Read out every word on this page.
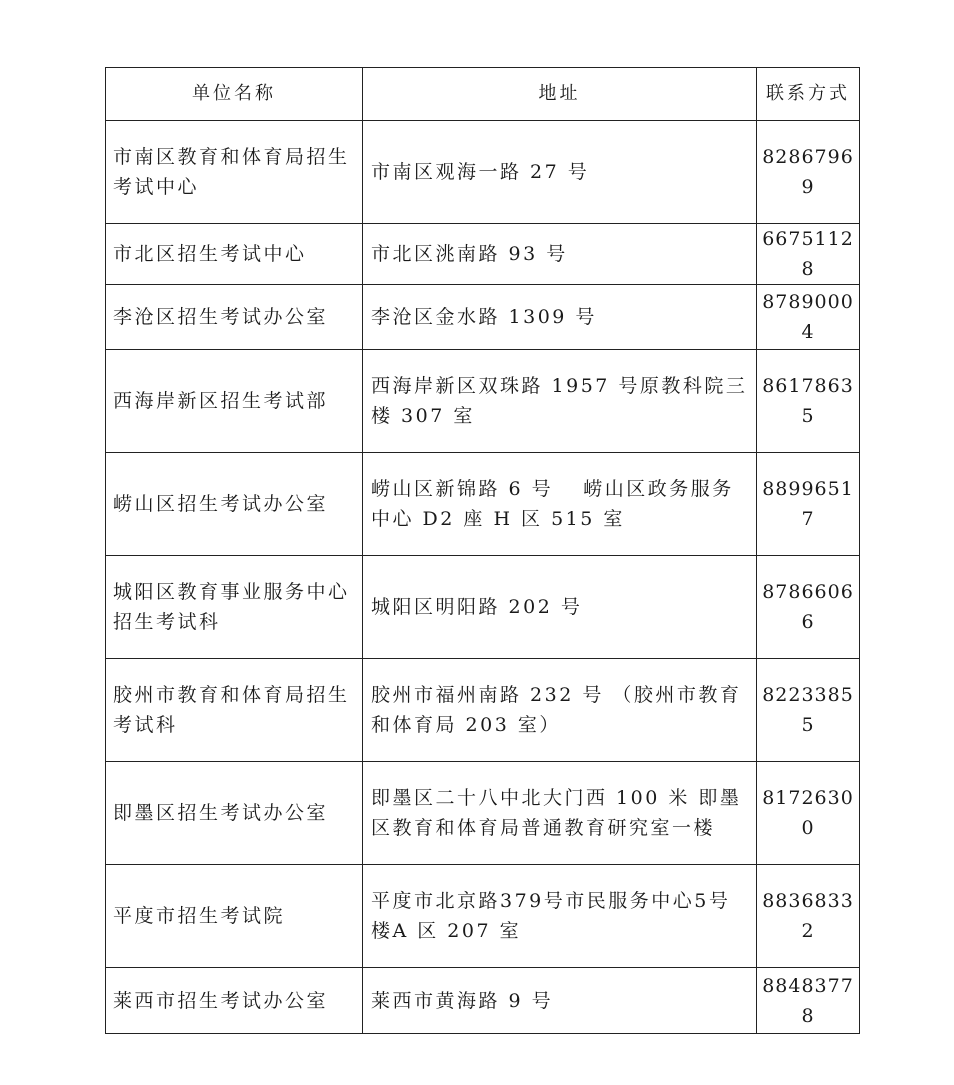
单位名称	地址	联系方式
市南区教育和体育局招生考试中心	市南区观海一路 27 号	82867969
市北区招生考试中心	市北区洮南路 93 号	66751128
李沧区招生考试办公室	李沧区金水路 1309 号	87890004
西海岸新区招生考试部	西海岸新区双珠路 1957 号原教科院三楼 307 室	86178635
崂山区招生考试办公室	崂山区新锦路 6 号　 崂山区政务服务中心 D2 座 H 区 515 室	88996517
城阳区教育事业服务中心招生考试科	城阳区明阳路 202 号	87866066
胶州市教育和体育局招生考试科	胶州市福州南路 232 号 （胶州市教育和体育局 203 室）	82233855
即墨区招生考试办公室	即墨区二十八中北大门西 100 米 即墨区教育和体育局普通教育研究室一楼	81726300
平度市招生考试院	平度市北京路379号市民服务中心5号楼A 区 207 室	88368332
莱西市招生考试办公室	莱西市黄海路 9 号	88483778
